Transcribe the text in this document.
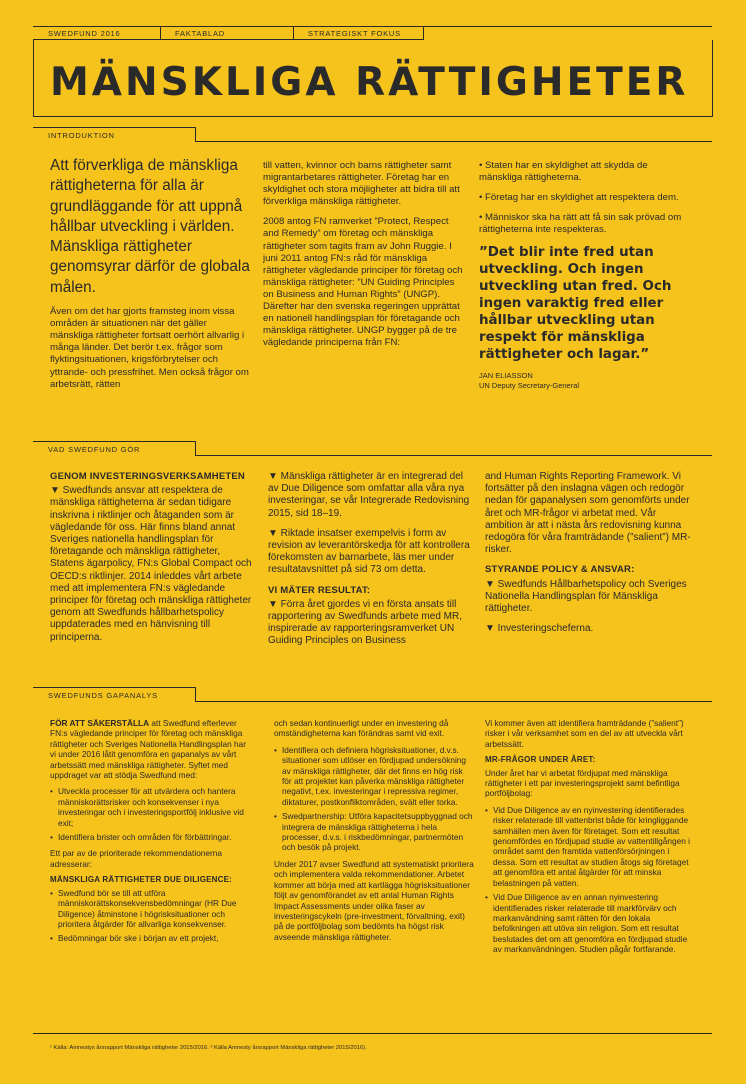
SWEDFUND 2016	FAKTABLAD	STRATEGISKT FOKUS
MÄNSKLIGA RÄTTIGHETER
INTRODUKTION

Att förverkliga de mänskliga rättigheterna för alla är grundläggande för att uppnå hållbar utveckling i världen. Mänskliga rättigheter genomsyrar därför de globala målen.

Även om det har gjorts framsteg inom vissa områden är situationen när det gäller mänskliga rättigheter fortsatt oerhört allvarlig i många länder. Det berör t.ex. frågor som flyktingsituationen, krigsförbrytelser och yttrande- och pressfrihet. Men också frågor om arbetsrätt, rätten

till vatten, kvinnor och barns rättigheter samt migrantarbetares rättigheter. Företag har en skyldighet och stora möjligheter att bidra till att förverkliga mänskliga rättigheter.

2008 antog FN ramverket ”Protect, Respect and Remedy” om företag och mänskliga rättigheter som tagits fram av John Ruggie. I juni 2011 antog FN:s råd för mänskliga rättigheter vägledande principer för företag och mänskliga rättigheter: ”UN Guiding Principles on Business and Human Rights” (UNGP). Därefter har den svenska regeringen upprättat en nationell handlingsplan för företagande och mänskliga rättigheter. UNGP bygger på de tre vägledande principerna från FN:

• Staten har en skyldighet att skydda de mänskliga rättigheterna.

• Företag har en skyldighet att respektera dem.

• Människor ska ha rätt att få sin sak prövad om rättigheterna inte respekteras.

”Det blir inte fred utan utveckling. Och ingen utveckling utan fred. Och ingen varaktig fred eller hållbar utveckling utan respekt för mänskliga rättigheter och lagar.”

JAN ELIASSON
UN Deputy Secretary-General
VAD SWEDFUND GÖR
GENOM INVESTERINGSVERKSAMHETEN

▼ Swedfunds ansvar att respektera de mänskliga rättigheterna är sedan tidigare inskrivna i riktlinjer och åtaganden som är vägledande för oss. Här finns bland annat Sveriges nationella handlingsplan för företagande och mänskliga rättigheter, Statens ägarpolicy, FN:s Global Compact och OECD:s riktlinjer. 2014 inleddes vårt arbete med att implementera FN:s vägledande principer för företag och mänskliga rättigheter genom att Swedfunds hållbarhetspolicy uppdaterades med en hänvisning till principerna.

▼ Mänskliga rättigheter är en integrerad del av Due Diligence som omfattar alla våra nya investeringar, se vår Integrerade Redovisning 2015, sid 18–19.

▼ Riktade insatser exempelvis i form av revision av leverantörskedja för att kontrollera förekomsten av barnarbete, läs mer under resultatavsnittet på sid 73 om detta.

VI MÄTER RESULTAT:

▼ Förra året gjordes vi en första ansats till rapportering av Swedfunds arbete med MR, inspirerade av rapporteringsramverket UN Guiding Principles on Business

and Human Rights Reporting Framework. Vi fortsätter på den inslagna vägen och redogör nedan för gapanalysen som genomförts under året och MR-frågor vi arbetat med. Vår ambition är att i nästa års redovisning kunna redogöra för våra framträdande (”salient”) MR-risker.

STYRANDE POLICY & ANSVAR:

▼ Swedfunds Hållbarhetspolicy och Sveriges Nationella Handlingsplan för Mänskliga rättigheter.

▼ Investeringscheferna.

SWEDFUNDS GAPANALYS

FÖR ATT SÄKERSTÄLLA att Swedfund efterlever FN:s vägledande principer för företag och mänskliga rättigheter och Sveriges Nationella Handlingsplan har vi under 2016 låtit genomföra en gapanalys av vårt arbetssätt med mänskliga rättigheter. Syftet med uppdraget var att stödja Swedfund med:

• Utveckla processer för att utvärdera och hantera människorättsrisker och konsekvenser i nya investeringar och i investeringsportfölj inklusive vid exit;
• Identifiera brister och områden för förbättringar.

Ett par av de prioriterade rekommendationerna adresserar:

MÄNSKLIGA RÄTTIGHETER DUE DILIGENCE:
• Swedfund bör se till att utföra människorättskonsekvensbedömningar (HR Due Diligence) åtminstone i högrisksituationer och prioritera åtgärder för allvarliga konsekvenser.
• Bedömningar bör ske i början av ett projekt,

och sedan kontinuerligt under en investering då omständigheterna kan förändras samt vid exit.

• Identifiera och definiera högrisksituationer, d.v.s. situationer som utlöser en fördjupad undersökning av mänskliga rättigheter, där det finns en hög risk för att projektet kan påverka mänskliga rättigheter negativt, t.ex. investeringar i repressiva regimer, diktaturer, postkonfliktområden, svält eller torka.
• Swedpartnership: Utföra kapacitetsuppbyggnad och integrera de mänskliga rättigheterna i hela processer, d.v.s. i riskbedömningar, partnermöten och besök på projekt.

Under 2017 avser Swedfund att systematiskt prioritera och implementera valda rekommendationer. Arbetet kommer att börja med att kartlägga högrisksituationer följt av genomförandet av ett antal Human Rights Impact Assessments under olika faser av investeringscykeln (pre-investment, förvaltning, exit) på de portföljbolag som bedömts ha högst risk avseende mänskliga rättigheter.

Vi kommer även att identifiera framträdande (”salient”) risker i vår verksamhet som en del av att utveckla vårt arbetssätt.

MR-FRÅGOR UNDER ÅRET:

Under året har vi arbetat fördjupat med mänskliga rättigheter i ett par investeringsprojekt samt befintliga portföljbolag:

• Vid Due Diligence av en nyinvestering identifierades risker relaterade till vattenbrist både för kringliggande samhällen men även för företaget. Som ett resultat genomfördes en fördjupad studie av vattentillgången i området samt den framtida vattenförsörjningen i dessa. Som ett resultat av studien åtogs sig företaget att genomföra ett antal åtgärder för att minska belastningen på vatten.
• Vid Due Diligence av en annan nyinvestering identifierades risker relaterade till markförvärv och markanvändning samt rätten för den lokala befolkningen att utöva sin religion. Som ett resultat beslutades det om att genomföra en fördjupad studie av markanvändningen. Studien pågår fortfarande.
¹ Källa: Amnestys årsrapport Mänskliga rättigheter 2015/2016. ² Källa Amnesty årsrapport Mänskliga rättigheter 2015/2016).
